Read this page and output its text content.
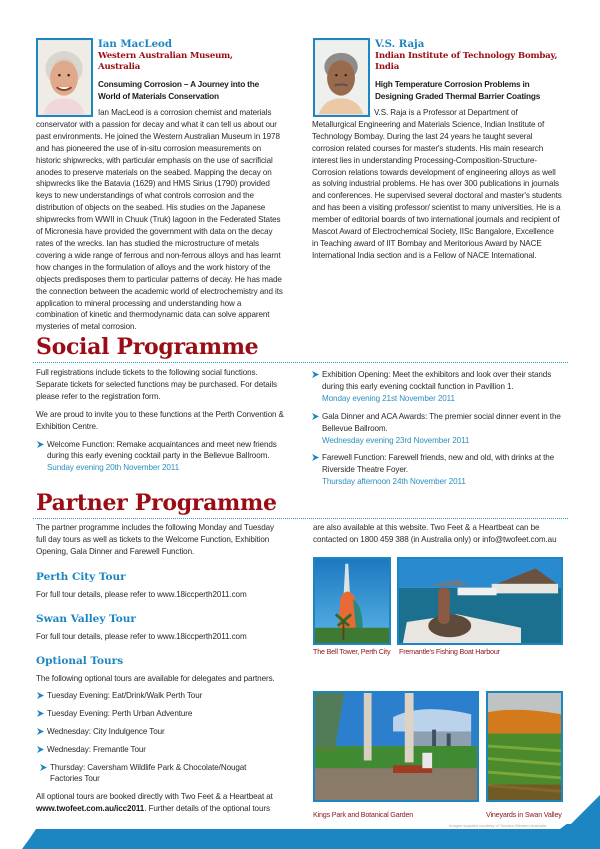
Ian MacLeod
Western Australian Museum, Australia
Consuming Corrosion – A Journey into the World of Materials Conservation
Ian MacLeod is a corrosion chemist and materials conservator with a passion for decay and what it can tell us about our past environments. He joined the Western Australian Museum in 1978 and has pioneered the use of in-situ corrosion measurements on historic shipwrecks, with particular emphasis on the use of sacrificial anodes to preserve materials on the seabed. Mapping the decay on shipwrecks like the Batavia (1629) and HMS Sirius (1790) provided keys to new understandings of what controls corrosion and the distribution of objects on the seabed. His studies on the Japanese shipwrecks from WWII in Chuuk (Truk) lagoon in the Federated States of Micronesia have provided the government with data on the decay rates of the wrecks. Ian has studied the microstructure of metals covering a wide range of ferrous and non-ferrous alloys and has learnt how changes in the formulation of alloys and the work history of the objects predisposes them to particular patterns of decay. He has made the connection between the academic world of electrochemistry and its application to mineral processing and understanding how a combination of kinetic and thermodynamic data can solve apparent mysteries of metal corrosion.
V.S. Raja
Indian Institute of Technology Bombay, India
High Temperature Corrosion Problems in Designing Graded Thermal Barrier Coatings
V.S. Raja is a Professor at Department of Metallurgical Engineering and Materials Science, Indian Institute of Technology Bombay. During the last 24 years he taught several corrosion related courses for master's students. His main research interest lies in understanding Processing-Composition-Structure-Corrosion relations towards development of engineering alloys as well as solving industrial problems. He has over 300 publications in journals and conferences. He supervised several doctoral and master's students and has been a visiting professor/ scientist to many universities. He is a member of editorial boards of two international journals and recipient of Mascot Award of Electrochemical Society, IISc Bangalore, Excellence in Teaching award of IIT Bombay and Meritorious Award by NACE International India section and is a Fellow of NACE International.
Social Programme
Full registrations include tickets to the following social functions. Separate tickets for selected functions may be purchased. For details please refer to the registration form.
We are proud to invite you to these functions at the Perth Convention & Exhibition Centre.
Welcome Function: Remake acquaintances and meet new friends during this early evening cocktail party in the Bellevue Ballroom.
Sunday evening 20th November 2011
Exhibition Opening: Meet the exhibitors and look over their stands during this early evening cocktail function in Pavillion 1.
Monday evening 21st November 2011
Gala Dinner and ACA Awards: The premier social dinner event in the Bellevue Ballroom.
Wednesday evening 23rd November 2011
Farewell Function: Farewell friends, new and old, with drinks at the Riverside Theatre Foyer.
Thursday afternoon 24th November 2011
Partner Programme
The partner programme includes the following Monday and Tuesday full day tours as well as tickets to the Welcome Function, Exhibition Opening, Gala Dinner and Farewell Function.
Perth City Tour
For full tour details, please refer to www.18iccperth2011.com
Swan Valley Tour
For full tour details, please refer to www.18iccperth2011.com
Optional Tours
The following optional tours are available for delegates and partners.
Tuesday Evening: Eat/Drink/Walk Perth Tour
Tuesday Evening: Perth Urban Adventure
Wednesday: City Indulgence Tour
Wednesday: Fremantle Tour
Thursday: Caversham Wildlife Park & Chocolate/Nougat Factories Tour
All optional tours are booked directly with Two Feet & a Heartbeat at www.twofeet.com.au/icc2011. Further details of the optional tours
are also available at this website. Two Feet & a Heartbeat can be contacted on 1800 459 388 (in Australia only) or info@twofeet.com.au
The Bell Tower, Perth City Fremantle's Fishing Boat Harbour
Kings Park and Botanical Garden	Vineyards in Swan Valley
Images supplied courtesy of Tourism Western Australia
